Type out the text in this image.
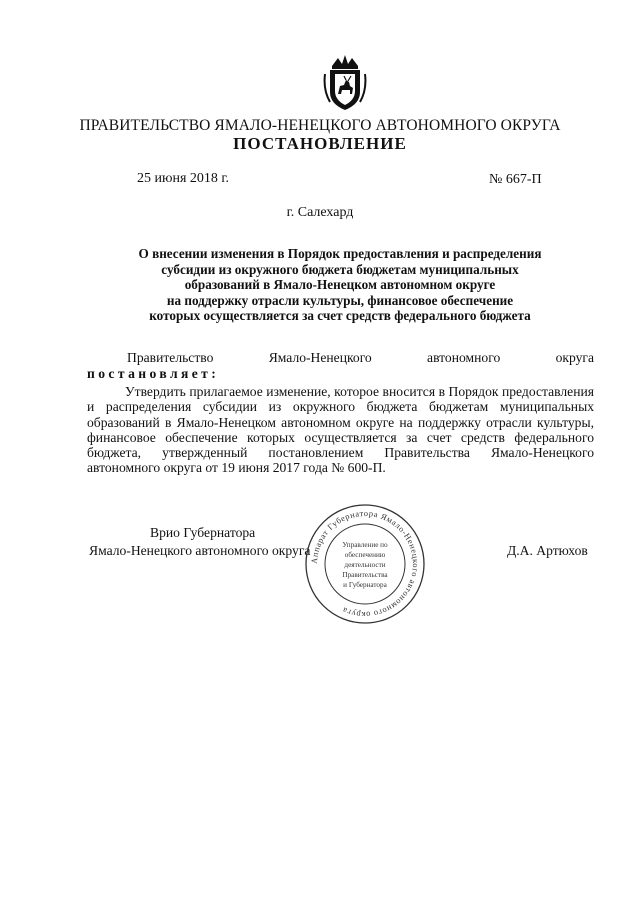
ПРАВИТЕЛЬСТВО ЯМАЛО-НЕНЕЦКОГО АВТОНОМНОГО ОКРУГА
ПОСТАНОВЛЕНИЕ
25 июня 2018 г.	№ 667-П
г. Салехард
О внесении изменения в Порядок предоставления и распределения
субсидии из окружного бюджета бюджетам муниципальных
образований в Ямало-Ненецком автономном округе
на поддержку отрасли культуры, финансовое обеспечение
которых осуществляется за счет средств федерального бюджета
Правительство	Ямало-Ненецкого	автономного	округа
постановляет:
Утвердить прилагаемое изменение, которое вносится в Порядок предоставления и распределения субсидии из окружного бюджета бюджетам муниципальных образований в Ямало-Ненецком автономном округе на поддержку отрасли культуры, финансовое обеспечение которых осуществляется за счет средств федерального бюджета, утвержденный постановлением Правительства Ямало-Ненецкого автономного округа от 19 июня 2017 года № 600-П.
Врио Губернатора
Ямало-Ненецкого автономного округа	Д.А. Артюхов
Аппарат Губернатора Ямало-Ненецкого автономного округа
Управление по
обеспечению
деятельности
Правительства
и Губернатора
